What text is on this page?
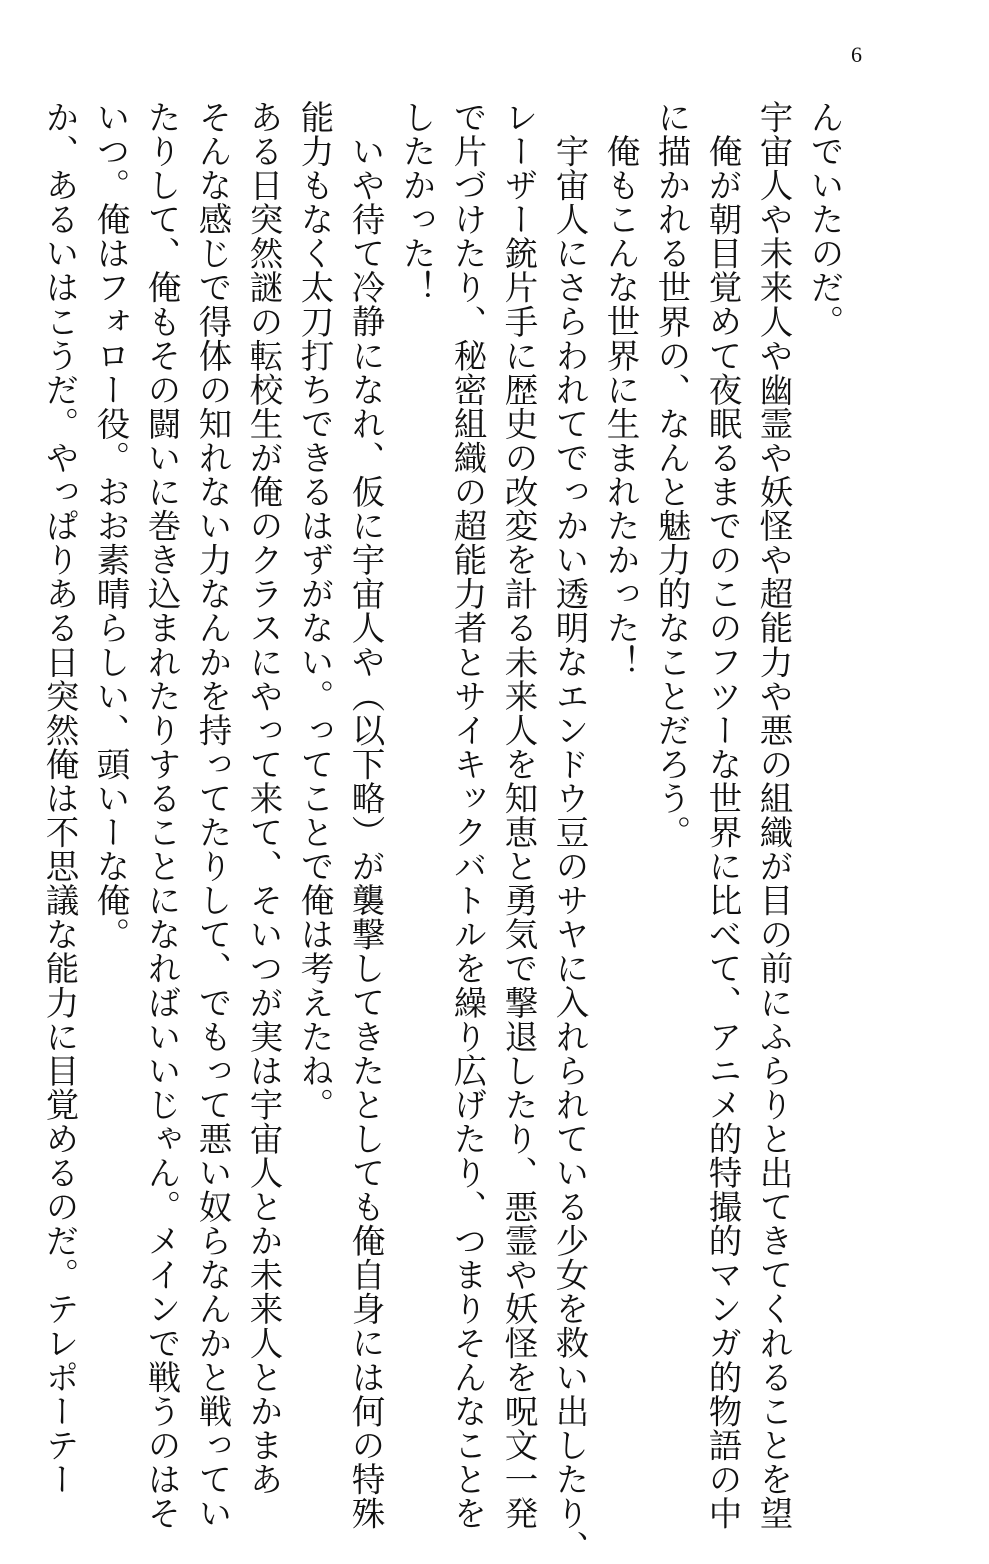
6
んでいたのだ。
宇宙人や未来人や幽霊や妖怪や超能力や悪の組織が目の前にふらりと出てきてくれることを望
俺が朝目覚めて夜眠るまでのこのフツーな世界に比べて、アニメ的特撮的マンガ的物語の中
に描かれる世界の、なんと魅力的なことだろう。
俺もこんな世界に生まれたかった！
宇宙人にさらわれてでっかい透明なエンドウ豆のサヤに入れられている少女を救い出したり、
レーザー銃片手に歴史の改変を計る未来人を知恵と勇気で撃退したり、悪霊や妖怪を呪文一発
で片づけたり、秘密組織の超能力者とサイキックバトルを繰り広げたり、つまりそんなことを
したかった！
いや待て冷静になれ、仮に宇宙人や（以下略）が襲撃してきたとしても俺自身には何の特殊
能力もなく太刀打ちできるはずがない。ってことで俺は考えたね。
ある日突然謎の転校生が俺のクラスにやって来て、そいつが実は宇宙人とか未来人とかまあ
そんな感じで得体の知れない力なんかを持ってたりして、でもって悪い奴らなんかと戦ってい
たりして、俺もその闘いに巻き込まれたりすることになればいいじゃん。メインで戦うのはそ
いつ。俺はフォロー役。おお素晴らしい、頭いーな俺。
か、あるいはこうだ。やっぱりある日突然俺は不思議な能力に目覚めるのだ。テレポーテー
